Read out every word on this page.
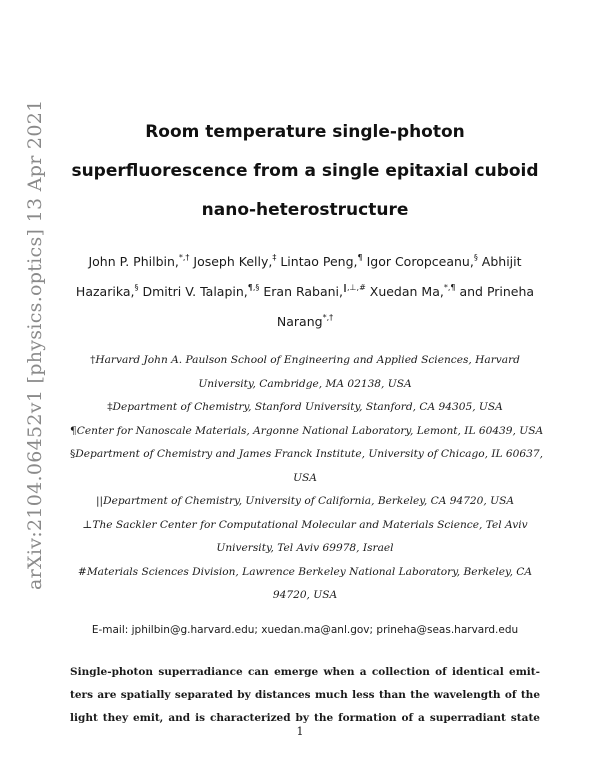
arXiv:2104.06452v1 [physics.optics] 13 Apr 2021	Room temperature single-photon
superfluorescence from a single epitaxial cuboid
nano-heterostructure
John P. Philbin,*,† Joseph Kelly,‡ Lintao Peng,¶ Igor Coropceanu,§ Abhijit
Hazarika,§ Dmitri V. Talapin,¶,§ Eran Rabani,‖,⊥,# Xuedan Ma,*,¶ and Prineha
Narang*,†
†Harvard John A. Paulson School of Engineering and Applied Sciences, Harvard
University, Cambridge, MA 02138, USA
‡Department of Chemistry, Stanford University, Stanford, CA 94305, USA
¶Center for Nanoscale Materials, Argonne National Laboratory, Lemont, IL 60439, USA
§Department of Chemistry and James Franck Institute, University of Chicago, IL 60637,
USA
||Department of Chemistry, University of California, Berkeley, CA 94720, USA
⊥The Sackler Center for Computational Molecular and Materials Science, Tel Aviv
University, Tel Aviv 69978, Israel
#Materials Sciences Division, Lawrence Berkeley National Laboratory, Berkeley, CA
94720, USA
E-mail: jphilbin@g.harvard.edu; xuedan.ma@anl.gov; prineha@seas.harvard.edu
Single-photon superradiance can emerge when a collection of identical emit-
ters are spatially separated by distances much less than the wavelength of the
light they emit, and is characterized by the formation of a superradiant state
1
